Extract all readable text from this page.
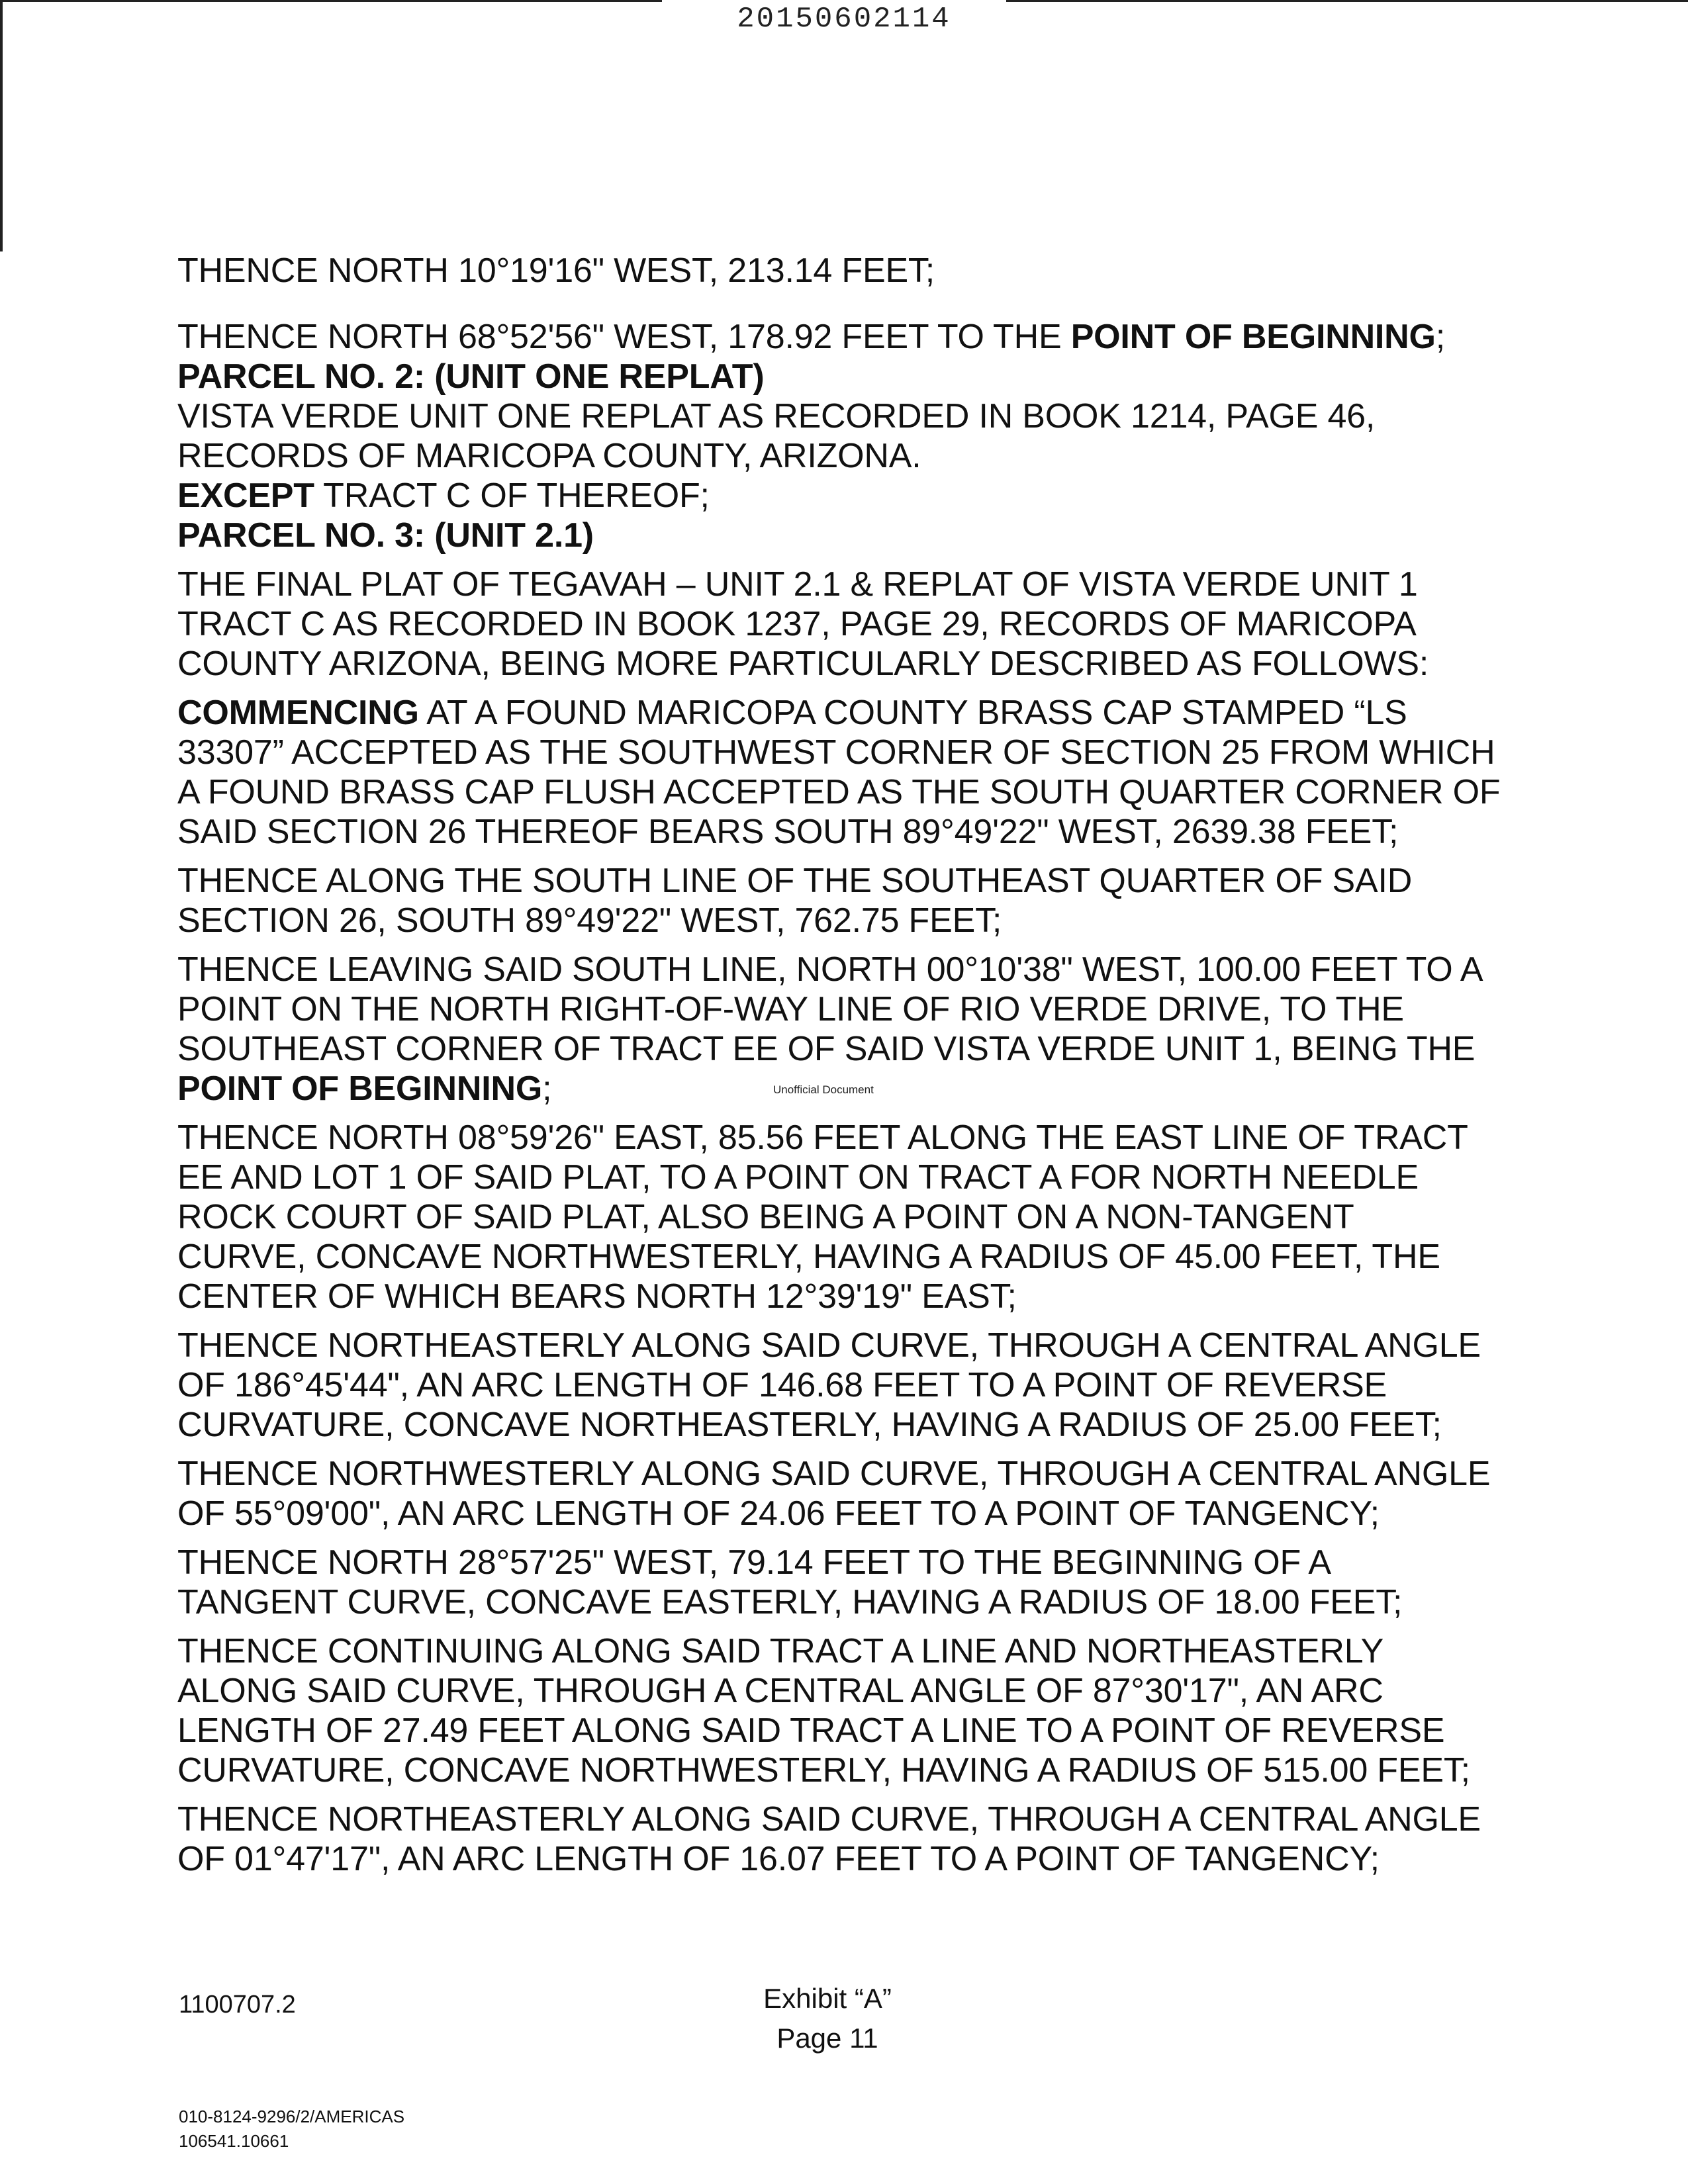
20150602114

THENCE NORTH 10°19'16" WEST, 213.14 FEET;

THENCE NORTH 68°52'56" WEST, 178.92 FEET TO THE POINT OF BEGINNING;

PARCEL NO. 2: (UNIT ONE REPLAT)

VISTA VERDE UNIT ONE REPLAT AS RECORDED IN BOOK 1214, PAGE 46,

RECORDS OF MARICOPA COUNTY, ARIZONA.

EXCEPT TRACT C OF THEREOF;

PARCEL NO. 3: (UNIT 2.1)

THE FINAL PLAT OF TEGAVAH – UNIT 2.1 & REPLAT OF VISTA VERDE UNIT 1

TRACT C AS RECORDED IN BOOK 1237, PAGE 29, RECORDS OF MARICOPA

COUNTY ARIZONA, BEING MORE PARTICULARLY DESCRIBED AS FOLLOWS:

COMMENCING AT A FOUND MARICOPA COUNTY BRASS CAP STAMPED “LS

33307” ACCEPTED AS THE SOUTHWEST CORNER OF SECTION 25 FROM WHICH

A FOUND BRASS CAP FLUSH ACCEPTED AS THE SOUTH QUARTER CORNER OF

SAID SECTION 26 THEREOF BEARS SOUTH 89°49'22" WEST, 2639.38 FEET;

THENCE ALONG THE SOUTH LINE OF THE SOUTHEAST QUARTER OF SAID

SECTION 26, SOUTH 89°49'22" WEST, 762.75 FEET;

THENCE LEAVING SAID SOUTH LINE, NORTH 00°10'38" WEST, 100.00 FEET TO A

POINT ON THE NORTH RIGHT-OF-WAY LINE OF RIO VERDE DRIVE, TO THE

SOUTHEAST CORNER OF TRACT EE OF SAID VISTA VERDE UNIT 1, BEING THE

POINT OF BEGINNING;

THENCE NORTH 08°59'26" EAST, 85.56 FEET ALONG THE EAST LINE OF TRACT

EE AND LOT 1 OF SAID PLAT, TO A POINT ON TRACT A FOR NORTH NEEDLE

ROCK COURT OF SAID PLAT, ALSO BEING A POINT ON A NON-TANGENT

CURVE, CONCAVE NORTHWESTERLY, HAVING A RADIUS OF 45.00 FEET, THE

CENTER OF WHICH BEARS NORTH 12°39'19" EAST;

THENCE NORTHEASTERLY ALONG SAID CURVE, THROUGH A CENTRAL ANGLE

OF 186°45'44", AN ARC LENGTH OF 146.68 FEET TO A POINT OF REVERSE

CURVATURE, CONCAVE NORTHEASTERLY, HAVING A RADIUS OF 25.00 FEET;

THENCE NORTHWESTERLY ALONG SAID CURVE, THROUGH A CENTRAL ANGLE

OF 55°09'00", AN ARC LENGTH OF 24.06 FEET TO A POINT OF TANGENCY;

THENCE NORTH 28°57'25" WEST, 79.14 FEET TO THE BEGINNING OF A

TANGENT CURVE, CONCAVE EASTERLY, HAVING A RADIUS OF 18.00 FEET;

THENCE CONTINUING ALONG SAID TRACT A LINE AND NORTHEASTERLY

ALONG SAID CURVE, THROUGH A CENTRAL ANGLE OF 87°30'17", AN ARC

LENGTH OF 27.49 FEET ALONG SAID TRACT A LINE TO A POINT OF REVERSE

CURVATURE, CONCAVE NORTHWESTERLY, HAVING A RADIUS OF 515.00 FEET;

THENCE NORTHEASTERLY ALONG SAID CURVE, THROUGH A CENTRAL ANGLE

OF 01°47'17", AN ARC LENGTH OF 16.07 FEET TO A POINT OF TANGENCY;

Unofficial Document
1100707.2	Exhibit “A”
Page 11
010-8124-9296/2/AMERICAS
106541.10661
